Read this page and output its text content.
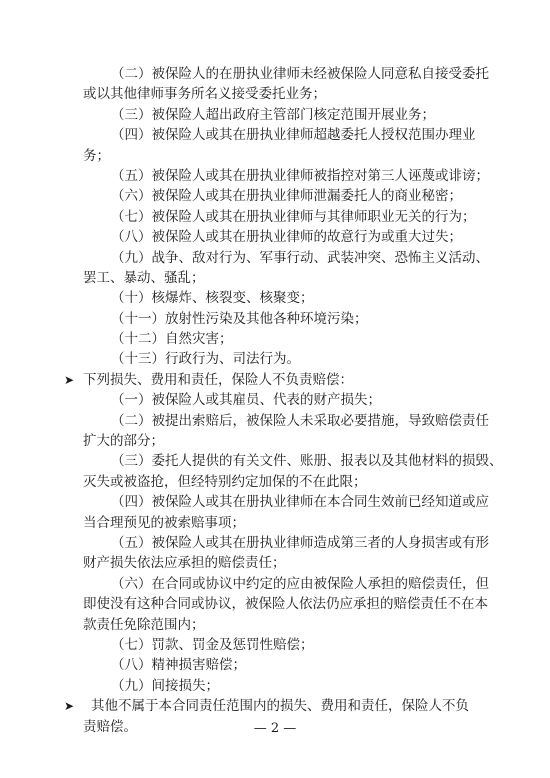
（二）被保险人的在册执业律师未经被保险人同意私自接受委托
或以其他律师事务所名义接受委托业务；
（三）被保险人超出政府主管部门核定范围开展业务；
（四）被保险人或其在册执业律师超越委托人授权范围办理业
务；
（五）被保险人或其在册执业律师被指控对第三人诬蔑或诽谤；
（六）被保险人或其在册执业律师泄漏委托人的商业秘密；
（七）被保险人或其在册执业律师与其律师职业无关的行为；
（八）被保险人或其在册执业律师的故意行为或重大过失；
（九）战争、敌对行为、军事行动、武装冲突、恐怖主义活动、
罢工、暴动、骚乱；
（十）核爆炸、核裂变、核聚变；
（十一）放射性污染及其他各种环境污染；
（十二）自然灾害；
（十三）行政行为、司法行为。
➤ 下列损失、费用和责任，保险人不负责赔偿：
（一）被保险人或其雇员、代表的财产损失；
（二）被提出索赔后，被保险人未采取必要措施，导致赔偿责任
扩大的部分；
（三）委托人提供的有关文件、账册、报表以及其他材料的损毁、
灭失或被盗抢，但经特别约定加保的不在此限；
（四）被保险人或其在册执业律师在本合同生效前已经知道或应
当合理预见的被索赔事项；
（五）被保险人或其在册执业律师造成第三者的人身损害或有形
财产损失依法应承担的赔偿责任；
（六）在合同或协议中约定的应由被保险人承担的赔偿责任，但
即使没有这种合同或协议，被保险人依法仍应承担的赔偿责任不在本
款责任免除范围内；
（七）罚款、罚金及惩罚性赔偿；
（八）精神损害赔偿；
（九）间接损失；
➤ 其他不属于本合同责任范围内的损失、费用和责任，保险人不负
责赔偿。	— 2 —
